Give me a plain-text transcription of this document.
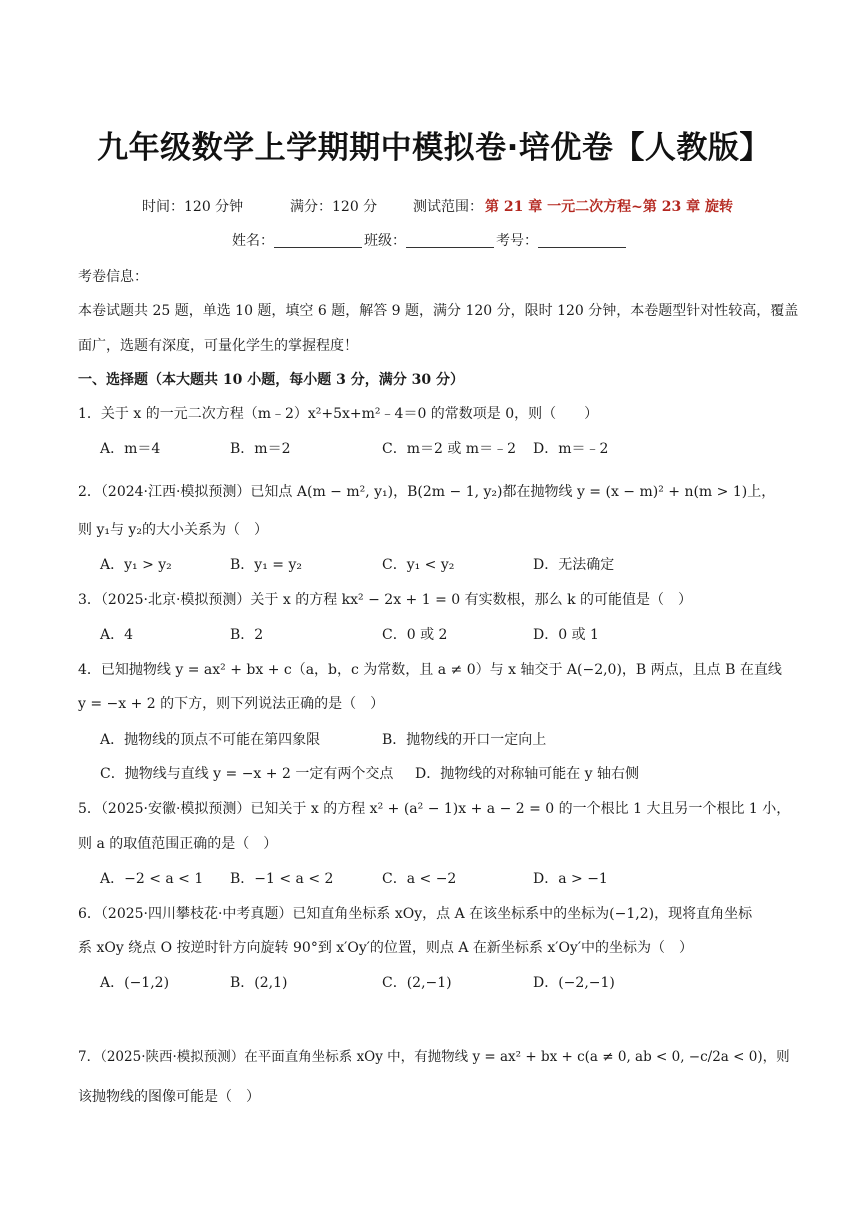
九年级数学上学期期中模拟卷·培优卷【人教版】
时间：120 分钟	满分：120 分	测试范围： 第 21 章 一元二次方程~第 23 章 旋转
姓名：	班级：	考号：
考卷信息：
本卷试题共 25 题，单选 10 题，填空 6 题，解答 9 题，满分 120 分，限时 120 分钟，本卷题型针对性较高，覆盖
面广，选题有深度，可量化学生的掌握程度！
一、选择题（本大题共 10 小题，每小题 3 分，满分 30 分）
1．关于 x 的一元二次方程（m﹣2）x²+5x+m²﹣4＝0 的常数项是 0，则（　　）
A．m＝4	B．m＝2	C．m＝2 或 m＝﹣2 D．m＝﹣2
2．（2024·江西·模拟预测）已知点 A(m − m², y₁)，B(2m − 1, y₂)都在抛物线 y = (x − m)² + n(m > 1)上，
则 y₁与 y₂的大小关系为（　）
A．y₁ > y₂	B．y₁ = y₂	C．y₁ < y₂	D．无法确定
3．（2025·北京·模拟预测）关于 x 的方程 kx² − 2x + 1 = 0 有实数根，那么 k 的可能值是（　）
A．4	B．2	C．0 或 2	D．0 或 1
4．已知抛物线 y = ax² + bx + c（a，b，c 为常数，且 a ≠ 0）与 x 轴交于 A(−2,0)，B 两点，且点 B 在直线
y = −x + 2 的下方，则下列说法正确的是（　）
A．抛物线的顶点不可能在第四象限	B．抛物线的开口一定向上
C．抛物线与直线 y = −x + 2 一定有两个交点 D．抛物线的对称轴可能在 y 轴右侧
5．（2025·安徽·模拟预测）已知关于 x 的方程 x² + (a² − 1)x + a − 2 = 0 的一个根比 1 大且另一个根比 1 小，
则 a 的取值范围正确的是（　）
A．−2 < a < 1 B．−1 < a < 2	C．a < −2	D．a > −1
6．（2025·四川攀枝花·中考真题）已知直角坐标系 xOy，点 A 在该坐标系中的坐标为(−1,2)，现将直角坐标
系 xOy 绕点 O 按逆时针方向旋转 90°到 x′Oy′的位置，则点 A 在新坐标系 x′Oy′中的坐标为（　）
A．(−1,2)	B．(2,1)	C．(2,−1)	D．(−2,−1)
7．（2025·陕西·模拟预测）在平面直角坐标系 xOy 中，有抛物线 y = ax² + bx + c(a ≠ 0, ab < 0, −c/2a < 0)，则
该抛物线的图像可能是（　）
